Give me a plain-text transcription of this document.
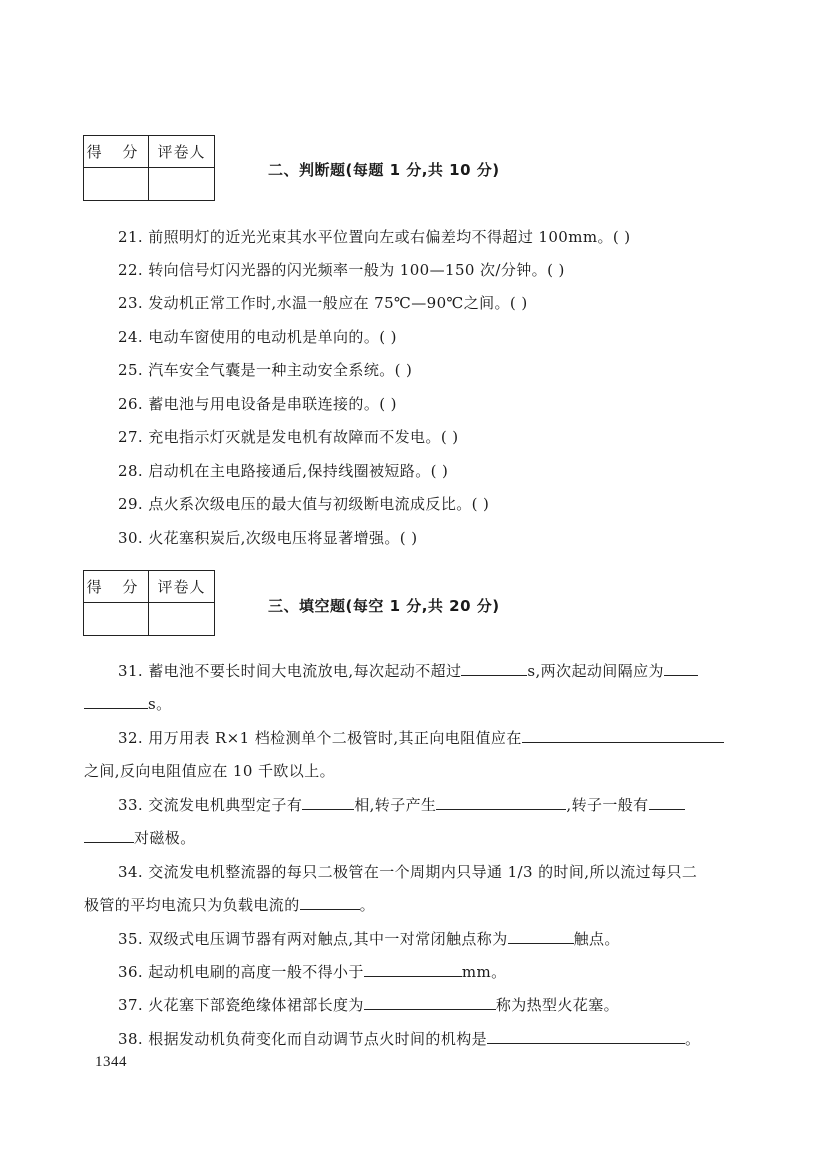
得 分	评卷人

二、判断题(每题 1 分,共 10 分)
21. 前照明灯的近光光束其水平位置向左或右偏差均不得超过 100mm。( )
22. 转向信号灯闪光器的闪光频率一般为 100—150 次/分钟。( )
23. 发动机正常工作时,水温一般应在 75℃—90℃之间。( )
24. 电动车窗使用的电动机是单向的。( )
25. 汽车安全气囊是一种主动安全系统。( )
26. 蓄电池与用电设备是串联连接的。( )
27. 充电指示灯灭就是发电机有故障而不发电。( )
28. 启动机在主电路接通后,保持线圈被短路。( )
29. 点火系次级电压的最大值与初级断电流成反比。( )
30. 火花塞积炭后,次级电压将显著增强。( )
得 分	评卷人

三、填空题(每空 1 分,共 20 分)
31. 蓄电池不要长时间大电流放电,每次起动不超过	s,两次起动间隔应为
s。
32. 用万用表 R×1 档检测单个二极管时,其正向电阻值应在
之间,反向电阻值应在 10 千欧以上。
33. 交流发电机典型定子有	相,转子产生	,转子一般有
对磁极。
34. 交流发电机整流器的每只二极管在一个周期内只导通 1/3 的时间,所以流过每只二
极管的平均电流只为负载电流的	。
35. 双级式电压调节器有两对触点,其中一对常闭触点称为	触点。
36. 起动机电刷的高度一般不得小于	mm。
37. 火花塞下部瓷绝缘体裙部长度为	称为热型火花塞。
38. 根据发动机负荷变化而自动调节点火时间的机构是	。
1344
